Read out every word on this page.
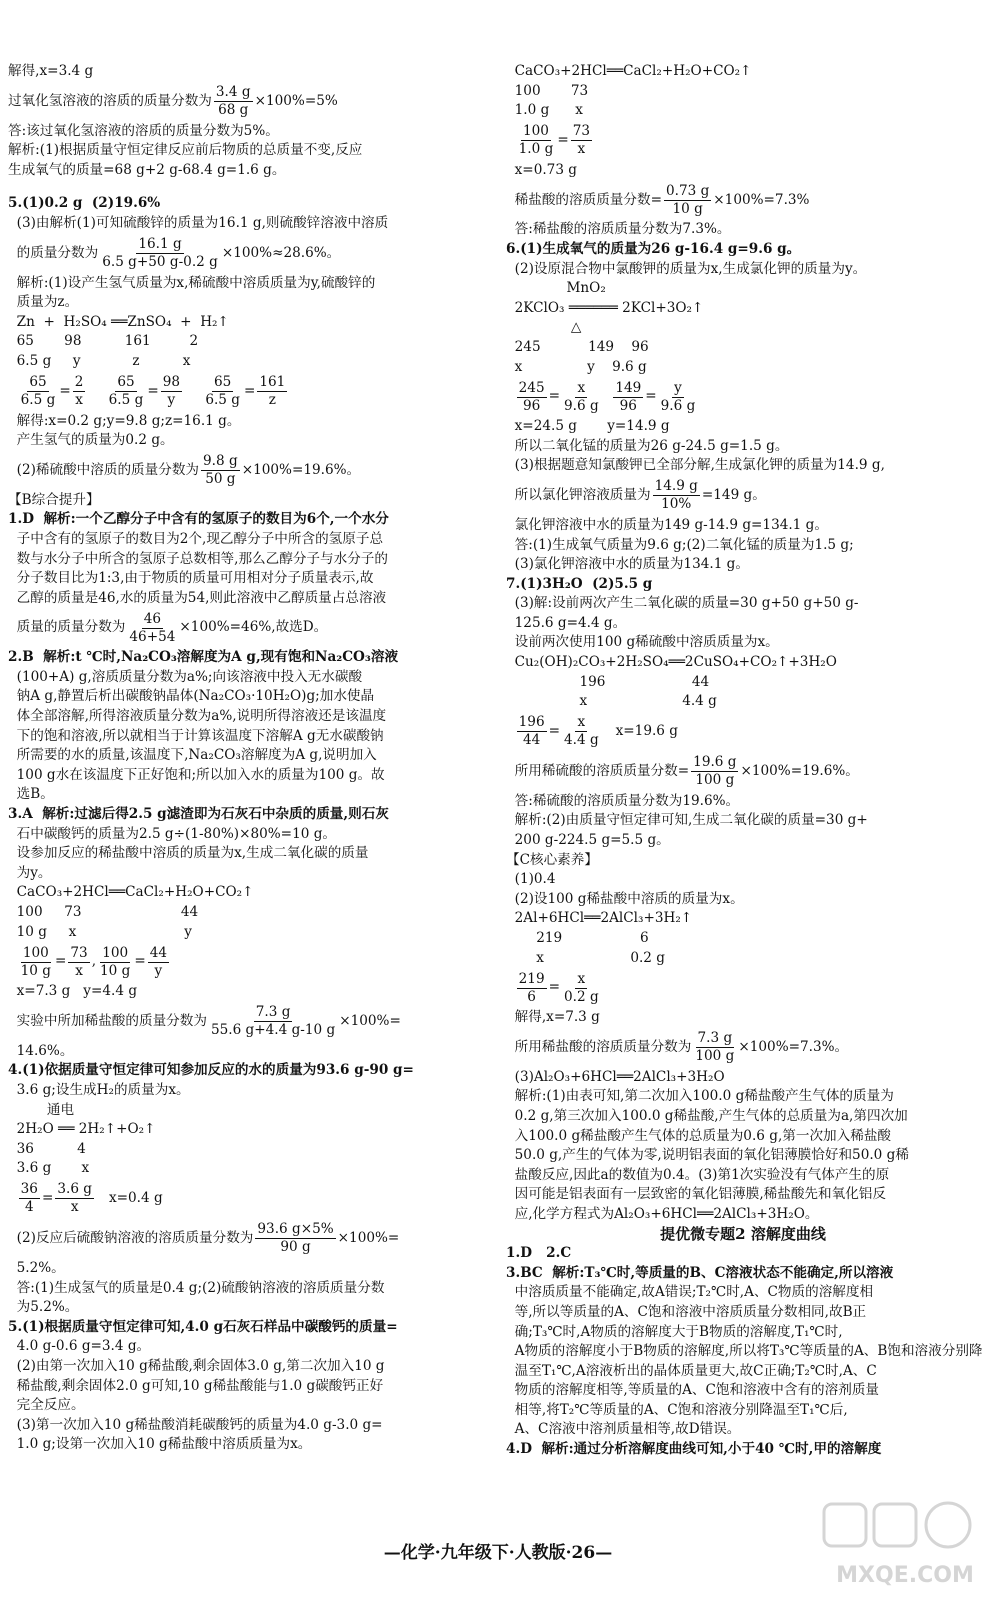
解得,x=3.4 g
过氧化氢溶液的溶质的质量分数为 $\frac{3.4 g}{68 g} \times 100\%=5\%$
答:该过氧化氢溶液的溶质的质量分数为5%。
解析:(1)根据质量守恒定律反应前后物质的总质量不变,反应
生成氧气的质量=68 g+2 g-68.4 g=1.6 g。
5.(1)0.2 g  (2)19.6%
(3)由解析(1)可知硫酸锌的质量为16.1 g,则硫酸锌溶液中溶质
的质量分数为 $\frac{16.1 g}{6.5 g+50 g-0.2 g} \times 100\%\approx 28.6\%$。
解析:(1)设产生氢气质量为x,稀硫酸中溶质质量为y,硫酸锌的
质量为z。
Zn  +  H₂SO₄ ══ZnSO₄  +  H₂↑
65       98          161         2
6.5 g     y            z          x

$\frac{65}{6.5 g} = \frac{2}{x}$
$\frac{65}{6.5 g} = \frac{98}{y}$
$\frac{65}{6.5 g} = \frac{161}{z}$
解得:x=0.2 g;y=9.8 g;z=16.1 g。
产生氢气的质量为0.2 g。
(2)稀硫酸中溶质的质量分数为 $\frac{9.8 g}{50 g} \times 100\%=19.6\%$。
【B综合提升】
1.D  解析:一个乙醇分子中含有的氢原子的数目为6个,一个水分
子中含有的氢原子的数目为2个,现乙醇分子中所含的氢原子总
数与水分子中所含的氢原子总数相等,那么乙醇分子与水分子的
分子数目比为1:3,由于物质的质量可用相对分子质量表示,故
乙醇的质量是46,水的质量为54,则此溶液中乙醇质量占总溶液
质量的质量分数为 $\frac{46}{46+54} \times 100\%=46\%$,故选D。
2.B  解析:t ℃时,Na₂CO₃溶解度为A g,现有饱和Na₂CO₃溶液
(100+A) g,溶质质量分数为a%;向该溶液中投入无水碳酸
钠A g,静置后析出碳酸钠晶体(Na₂CO₃·10H₂O)g;加水使晶
体全部溶解,所得溶液质量分数为a%,说明所得溶液还是该温度
下的饱和溶液,所以就相当于计算该温度下溶解A g无水碳酸钠
所需要的水的质量,该温度下,Na₂CO₃溶解度为A g,说明加入
100 g水在该温度下正好饱和;所以加入水的质量为100 g。故
选B。
3.A  解析:过滤后得2.5 g滤渣即为石灰石中杂质的质量,则石灰
石中碳酸钙的质量为2.5 g÷(1-80%)×80%=10 g。
设参加反应的稀盐酸中溶质的质量为x,生成二氧化碳的质量
为y。
CaCO₃+2HCl══CaCl₂+H₂O+CO₂↑
100     73                       44
10 g     x                         y

$\frac{100}{10 g} = \frac{73}{x}$ , $\frac{100}{10 g} = \frac{44}{y}$
x=7.3 g   y=4.4 g
实验中所加稀盐酸的质量分数为 $\frac{7.3 g}{55.6 g+4.4 g-10 g} \times 100\%=$
14.6%。
4.(1)依据质量守恒定律可知参加反应的水的质量为93.6 g-90 g=
3.6 g;设生成H₂的质量为x。
通电
2H₂O ══ 2H₂↑+O₂↑
36          4
3.6 g       x

$\frac{36}{4} = \frac{3.6 g}{x} x=0.4$ g
(2)反应后硫酸钠溶液的溶质质量分数为 $\frac{93.6 g\times 5\%}{90 g} \times 100\%=$
5.2%。
答:(1)生成氢气的质量是0.4 g;(2)硫酸钠溶液的溶质质量分数
为5.2%。
5.(1)根据质量守恒定律可知,4.0 g石灰石样品中碳酸钙的质量=
4.0 g-0.6 g=3.4 g。
(2)由第一次加入10 g稀盐酸,剩余固体3.0 g,第二次加入10 g
稀盐酸,剩余固体2.0 g可知,10 g稀盐酸能与1.0 g碳酸钙正好
完全反应。
(3)第一次加入10 g稀盐酸消耗碳酸钙的质量为4.0 g-3.0 g=
1.0 g;设第一次加入10 g稀盐酸中溶质质量为x。
CaCO₃+2HCl══CaCl₂+H₂O+CO₂↑
100       73
1.0 g      x

$\frac{100}{1.0 g} = \frac{73}{x}$
x=0.73 g
稀盐酸的溶质质量分数= $\frac{0.73 g}{10 g} \times 100\%=7.3\%$
答:稀盐酸的溶质质量分数为7.3%。
6.(1)生成氧气的质量为26 g-16.4 g=9.6 g。
(2)设原混合物中氯酸钾的质量为x,生成氯化钾的质量为y。
MnO₂
2KClO₃ ══════ 2KCl+3O₂↑
△
245           149    96
x               y    9.6 g

$\frac{245}{96} = \frac{x}{9.6 g}$
$\frac{149}{96} = \frac{y}{9.6 g}$
x=24.5 g       y=14.9 g
所以二氧化锰的质量为26 g-24.5 g=1.5 g。
(3)根据题意知氯酸钾已全部分解,生成氯化钾的质量为14.9 g,
所以氯化钾溶液质量为 $\frac{14.9 g}{10\%} =149$ g。
氯化钾溶液中水的质量为149 g-14.9 g=134.1 g。
答:(1)生成氧气质量为9.6 g;(2)二氧化锰的质量为1.5 g;
(3)氯化钾溶液中水的质量为134.1 g。
7.(1)3H₂O  (2)5.5 g
(3)解:设前两次产生二氧化碳的质量=30 g+50 g+50 g-
125.6 g=4.4 g。
设前两次使用100 g稀硫酸中溶质质量为x。
Cu₂(OH)₂CO₃+2H₂SO₄══2CuSO₄+CO₂↑+3H₂O
196                    44
x                      4.4 g

$\frac{196}{44} = \frac{x}{4.4 g} x=19.6$ g
所用稀硫酸的溶质质量分数= $\frac{19.6 g}{100 g} \times 100\%=19.6\%$。
答:稀硫酸的溶质质量分数为19.6%。
解析:(2)由质量守恒定律可知,生成二氧化碳的质量=30 g+
200 g-224.5 g=5.5 g。
【C核心素养】
(1)0.4
(2)设100 g稀盐酸中溶质的质量为x。
2Al+6HCl══2AlCl₃+3H₂↑
219                  6
x                    0.2 g

$\frac{219}{6} = \frac{x}{0.2 g}$
解得,x=7.3 g
所用稀盐酸的溶质质量分数为 $\frac{7.3 g}{100 g} \times 100\%=7.3\%$。
(3)Al₂O₃+6HCl══2AlCl₃+3H₂O
解析:(1)由表可知,第二次加入100.0 g稀盐酸产生气体的质量为
0.2 g,第三次加入100.0 g稀盐酸,产生气体的总质量为a,第四次加
入100.0 g稀盐酸产生气体的总质量为0.6 g,第一次加入稀盐酸
50.0 g,产生的气体为零,说明铝表面的氧化铝薄膜恰好和50.0 g稀
盐酸反应,因此a的数值为0.4。(3)第1次实验没有气体产生的原
因可能是铝表面有一层致密的氧化铝薄膜,稀盐酸先和氧化铝反
应,化学方程式为Al₂O₃+6HCl══2AlCl₃+3H₂O。
提优微专题2 溶解度曲线
1.D   2.C
3.BC  解析:T₃℃时,等质量的B、C溶液状态不能确定,所以溶液
中溶质质量不能确定,故A错误;T₂℃时,A、C物质的溶解度相
等,所以等质量的A、C饱和溶液中溶质质量分数相同,故B正
确;T₃℃时,A物质的溶解度大于B物质的溶解度,T₁℃时,
A物质的溶解度小于B物质的溶解度,所以将T₃℃等质量的A、B饱和溶液分别降
温至T₁℃,A溶液析出的晶体质量更大,故C正确;T₂℃时,A、C
物质的溶解度相等,等质量的A、C饱和溶液中含有的溶剂质量
相等,将T₂℃等质量的A、C饱和溶液分别降温至T₁℃后,
A、C溶液中溶剂质量相等,故D错误。
4.D  解析:通过分析溶解度曲线可知,小于40 ℃时,甲的溶解度
—化学·九年级下·人教版·26—
MXQE.COM
